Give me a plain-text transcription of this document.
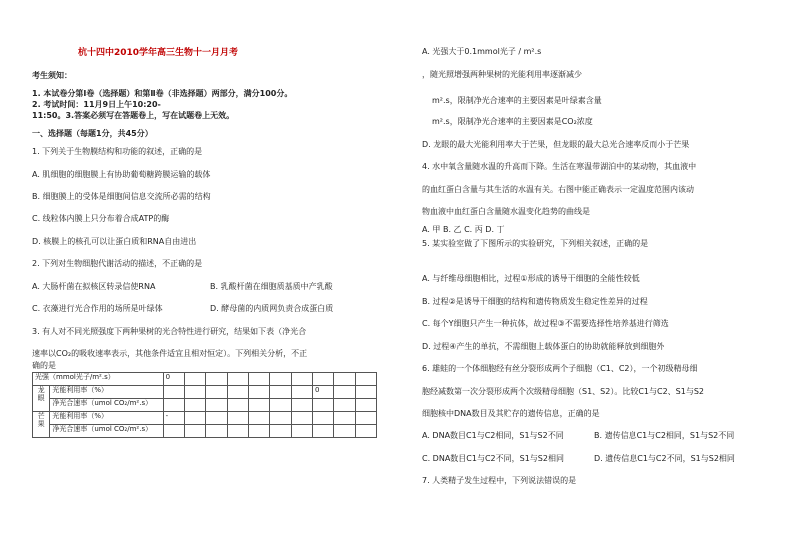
杭十四中2010学年高三生物十一月月考
考生须知：
1. 本试卷分第Ⅰ卷（选择题）和第Ⅱ卷（非选择题）两部分，满分100分。
2. 考试时间：11月9日上午10:20-
11:50。3.答案必须写在答题卷上，写在试题卷上无效。
一、选择题（每题1分，共45分）
1. 下列关于生物膜结构和功能的叙述，正确的是
A. 肌细胞的细胞膜上有协助葡萄糖跨膜运输的载体
B. 细胞膜上的受体是细胞间信息交流所必需的结构
C. 线粒体内膜上只分布着合成ATP的酶
D. 核膜上的核孔可以让蛋白质和RNA自由进出
2. 下列对生物细胞代谢活动的描述，不正确的是
A. 大肠杆菌在拟核区转录信使RNA	B. 乳酸杆菌在细胞质基质中产乳酸
C. 衣藻进行光合作用的场所是叶绿体	D. 酵母菌的内质网负责合成蛋白质
3. 有人对不同光照强度下两种果树的光合特性进行研究，结果如下表（净光合
速率以CO₂的吸收速率表示，其他条件适宜且相对恒定）。下列相关分析，不正
确的是
光强（mmol光子/m².s）		0									
龙眼	光能利用率（%）								0		
	净光合速率（umol CO₂/m².s）										
芒果	光能利用率（%）	-									
	净光合速率（umol CO₂/m².s）										
A. 光强大于0.1mmol光子 / m².s
，随光照增强两种果树的光能利用率逐渐减少
m².s，限制净光合速率的主要因素是叶绿素含量
m².s，限制净光合速率的主要因素是CO₂浓度
D. 龙眼的最大光能利用率大于芒果，但龙眼的最大总光合速率反而小于芒果
4. 水中氧含量随水温的升高而下降。生活在寒温带湖泊中的某动物，其血液中
的血红蛋白含量与其生活的水温有关。右图中能正确表示一定温度范围内该动
物血液中血红蛋白含量随水温变化趋势的曲线是
A. 甲 B. 乙 C. 丙 D. 丁
5. 某实验室做了下图所示的实验研究，下列相关叙述，正确的是
A. 与纤维母细胞相比，过程①形成的诱导干细胞的全能性较低
B. 过程②是诱导干细胞的结构和遗传物质发生稳定性差异的过程
C. 每个Y细胞只产生一种抗体，故过程③不需要选择性培养基进行筛选
D. 过程④产生的单抗，不需细胞上载体蛋白的协助就能释放到细胞外
6. 雄蛙的一个体细胞经有丝分裂形成两个子细胞（C1、C2），一个初级精母细
胞经减数第一次分裂形成两个次级精母细胞（S1、S2）。比较C1与C2、S1与S2
细胞核中DNA数目及其贮存的遗传信息，正确的是
A. DNA数目C1与C2相同，S1与S2不同	B. 遗传信息C1与C2相同，S1与S2不同
C. DNA数目C1与C2不同，S1与S2相同	D. 遗传信息C1与C2不同，S1与S2相同
7. 人类精子发生过程中，下列说法错误的是
